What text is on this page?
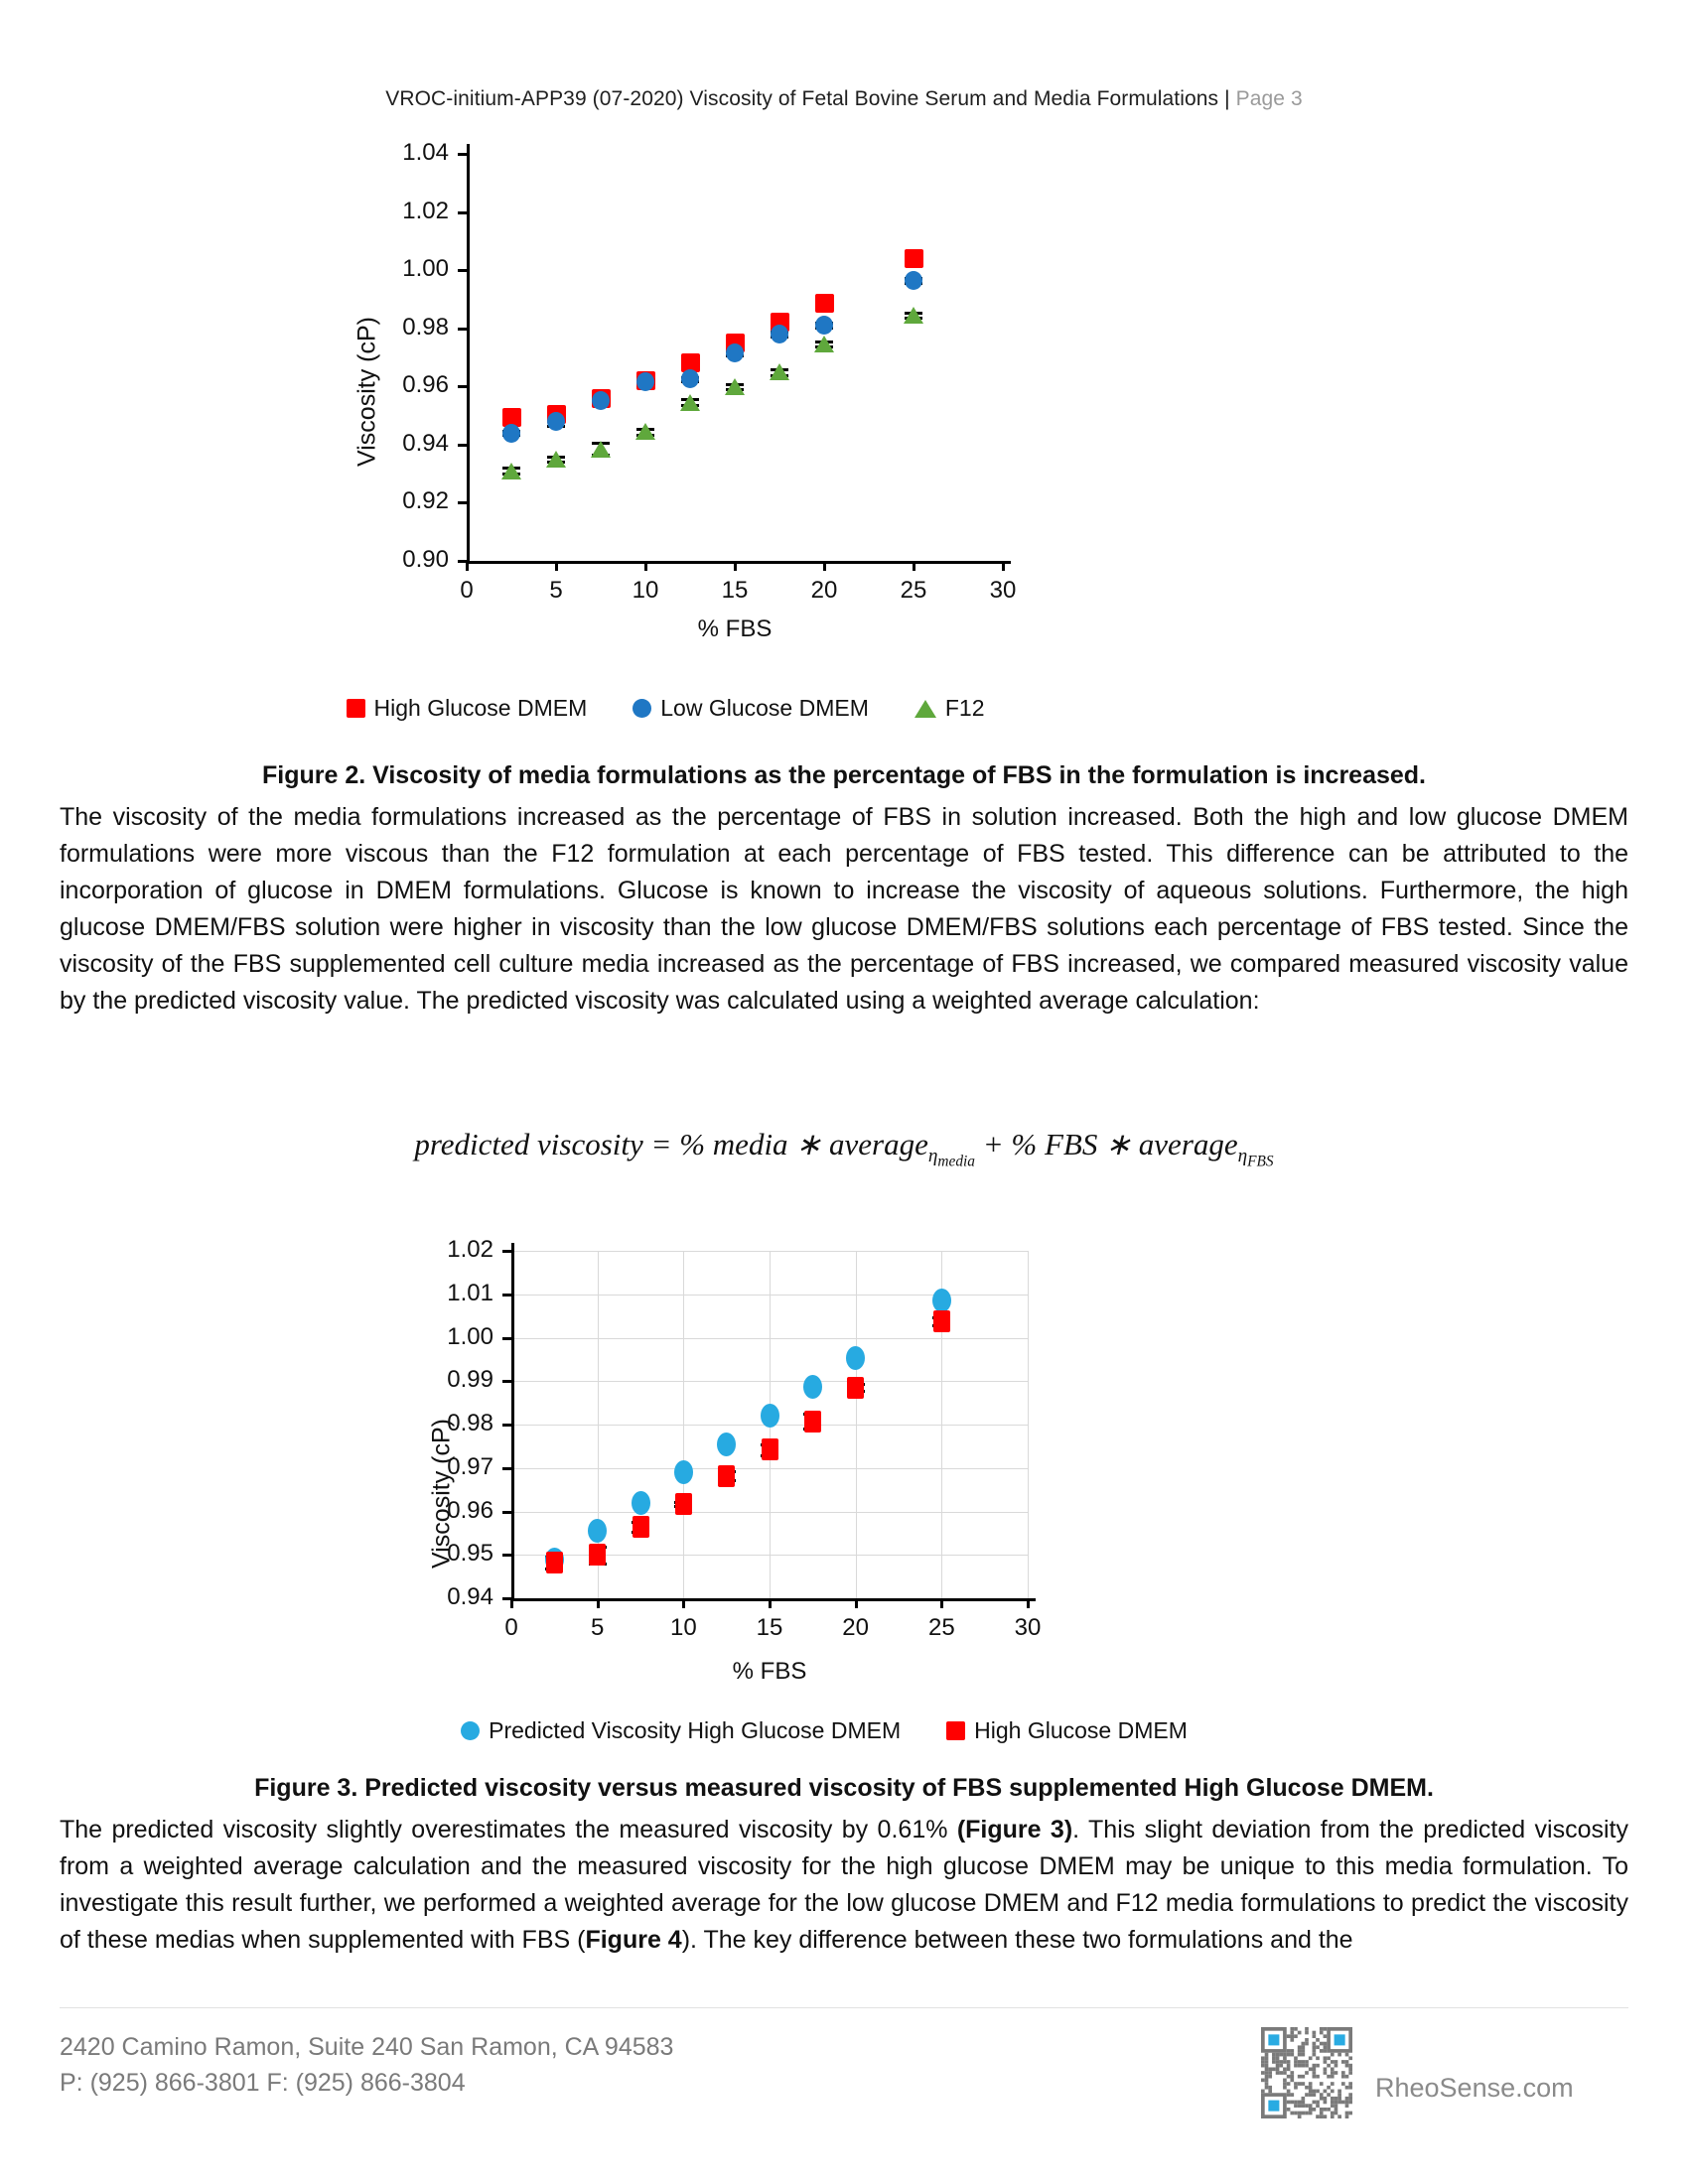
VROC-initium-APP39 (07-2020) Viscosity of Fetal Bovine Serum and Media Formulations | Page 3
Viscosity (cP)
0.90
0.92
0.94
0.96
0.98
1.00
1.02
1.04
0	5	10	15	20	25	30
% FBS
High Glucose DMEM	Low Glucose DMEM	F12
Figure 2. Viscosity of media formulations as the percentage of FBS in the formulation is increased.
The viscosity of the media formulations increased as the percentage of FBS in solution increased. Both the high and low glucose DMEM formulations were more viscous than the F12 formulation at each percentage of FBS tested. This difference can be attributed to the incorporation of glucose in DMEM formulations. Glucose is known to increase the viscosity of aqueous solutions. Furthermore, the high glucose DMEM/FBS solution were higher in viscosity than the low glucose DMEM/FBS solutions each percentage of FBS tested. Since the viscosity of the FBS supplemented cell culture media increased as the percentage of FBS increased, we compared measured viscosity value by the predicted viscosity value. The predicted viscosity was calculated using a weighted average calculation:
predicted viscosity = % media ∗ average$_{\eta_{media}}$ + % FBS ∗ average$_{\eta_{FBS}}$
Viscosity (cP)
0.94
0.95
0.96
0.97
0.98
0.99
1.00
1.01
1.02
0	5	10	15	20	25	30
% FBS
Predicted Viscosity High Glucose DMEM	High Glucose DMEM
Figure 3. Predicted viscosity versus measured viscosity of FBS supplemented High Glucose DMEM.
The predicted viscosity slightly overestimates the measured viscosity by 0.61% (Figure 3). This slight deviation from the predicted viscosity from a weighted average calculation and the measured viscosity for the high glucose DMEM may be unique to this media formulation. To investigate this result further, we performed a weighted average for the low glucose DMEM and F12 media formulations to predict the viscosity of these medias when supplemented with FBS (Figure 4). The key difference between these two formulations and the
2420 Camino Ramon, Suite 240 San Ramon, CA 94583
P: (925) 866-3801 F: (925) 866-3804	RheoSense.com
